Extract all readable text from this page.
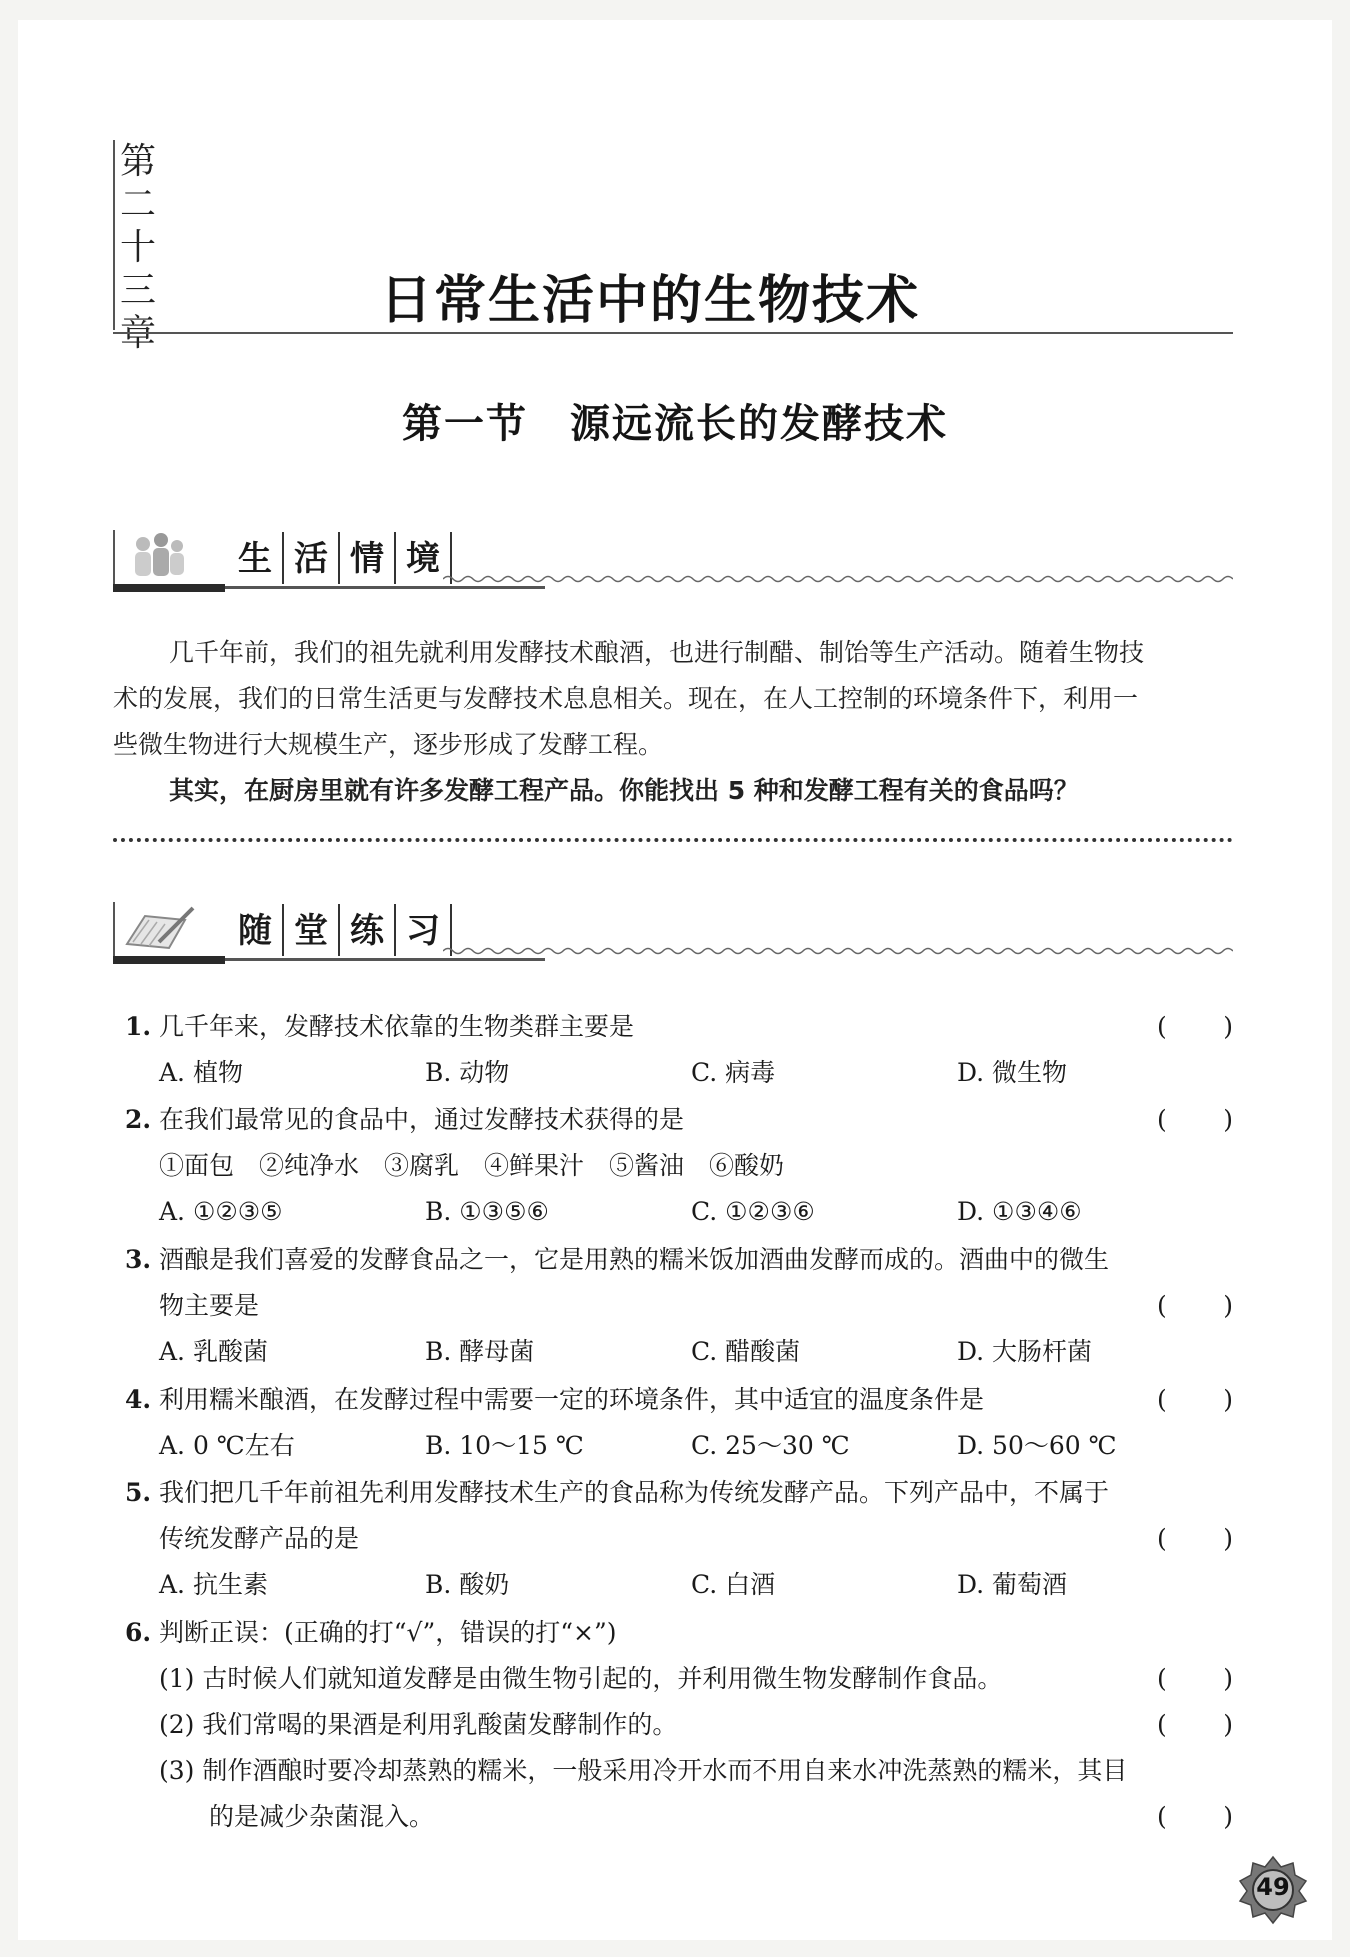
第
二
十
三
章
日常生活中的生物技术
第一节　源远流长的发酵技术
生 活 情 境
几千年前，我们的祖先就利用发酵技术酿酒，也进行制醋、制饴等生产活动。随着生物技
术的发展，我们的日常生活更与发酵技术息息相关。现在，在人工控制的环境条件下，利用一
些微生物进行大规模生产，逐步形成了发酵工程。
其实，在厨房里就有许多发酵工程产品。你能找出 5 种和发酵工程有关的食品吗？
随 堂 练 习
1. 几千年来，发酵技术依靠的生物类群主要是	( )
A. 植物	B. 动物	C. 病毒	D. 微生物
2. 在我们最常见的食品中，通过发酵技术获得的是	( )
①面包　②纯净水　③腐乳　④鲜果汁　⑤酱油　⑥酸奶
A. ①②③⑤	B. ①③⑤⑥	C. ①②③⑥	D. ①③④⑥
3. 酒酿是我们喜爱的发酵食品之一，它是用熟的糯米饭加酒曲发酵而成的。酒曲中的微生
物主要是	( )
A. 乳酸菌	B. 酵母菌	C. 醋酸菌	D. 大肠杆菌
4. 利用糯米酿酒，在发酵过程中需要一定的环境条件，其中适宜的温度条件是	( )
A. 0 ℃左右	B. 10～15 ℃	C. 25～30 ℃	D. 50～60 ℃
5. 我们把几千年前祖先利用发酵技术生产的食品称为传统发酵产品。下列产品中，不属于
传统发酵产品的是	( )
A. 抗生素	B. 酸奶	C. 白酒	D. 葡萄酒
6. 判断正误：(正确的打“√”，错误的打“×”)
(1) 古时候人们就知道发酵是由微生物引起的，并利用微生物发酵制作食品。	( )
(2) 我们常喝的果酒是利用乳酸菌发酵制作的。	( )
(3) 制作酒酿时要冷却蒸熟的糯米，一般采用冷开水而不用自来水冲洗蒸熟的糯米，其目
的是减少杂菌混入。	( )
49
